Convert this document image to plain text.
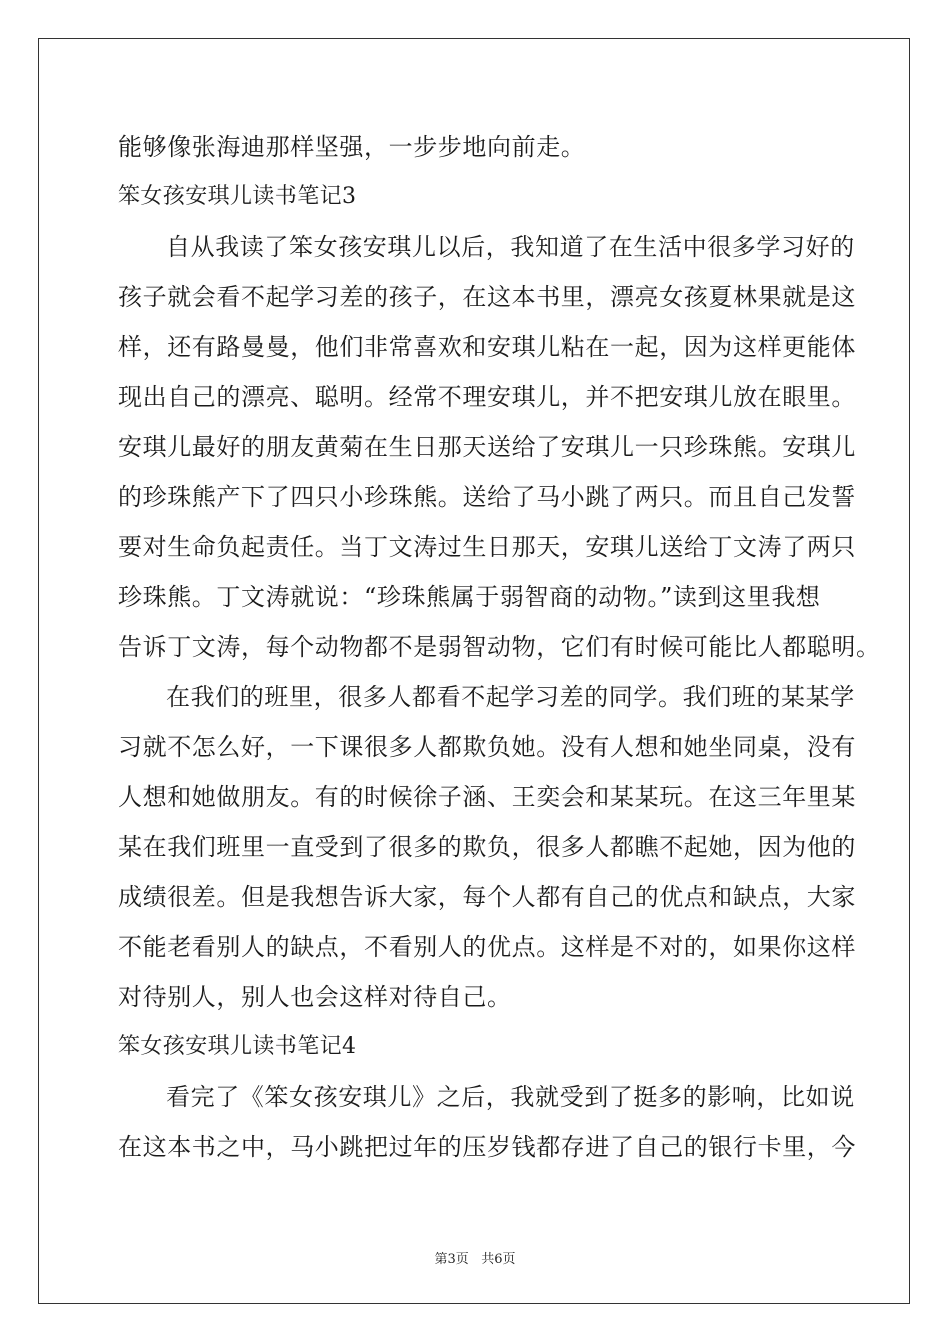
能够像张海迪那样坚强，一步步地向前走。
笨女孩安琪儿读书笔记3
自从我读了笨女孩安琪儿以后，我知道了在生活中很多学习好的
孩子就会看不起学习差的孩子，在这本书里，漂亮女孩夏林果就是这
样，还有路曼曼，他们非常喜欢和安琪儿粘在一起，因为这样更能体
现出自己的漂亮、聪明。经常不理安琪儿，并不把安琪儿放在眼里。
安琪儿最好的朋友黄菊在生日那天送给了安琪儿一只珍珠熊。安琪儿
的珍珠熊产下了四只小珍珠熊。送给了马小跳了两只。而且自己发誓
要对生命负起责任。当丁文涛过生日那天，安琪儿送给丁文涛了两只
珍珠熊。丁文涛就说：“珍珠熊属于弱智商的动物。”读到这里我想
告诉丁文涛，每个动物都不是弱智动物，它们有时候可能比人都聪明。
在我们的班里，很多人都看不起学习差的同学。我们班的某某学
习就不怎么好，一下课很多人都欺负她。没有人想和她坐同桌，没有
人想和她做朋友。有的时候徐子涵、王奕会和某某玩。在这三年里某
某在我们班里一直受到了很多的欺负，很多人都瞧不起她，因为他的
成绩很差。但是我想告诉大家，每个人都有自己的优点和缺点，大家
不能老看别人的缺点，不看别人的优点。这样是不对的，如果你这样
对待别人，别人也会这样对待自己。
笨女孩安琪儿读书笔记4
看完了《笨女孩安琪儿》之后，我就受到了挺多的影响，比如说
在这本书之中，马小跳把过年的压岁钱都存进了自己的银行卡里，今
第3页 共6页
